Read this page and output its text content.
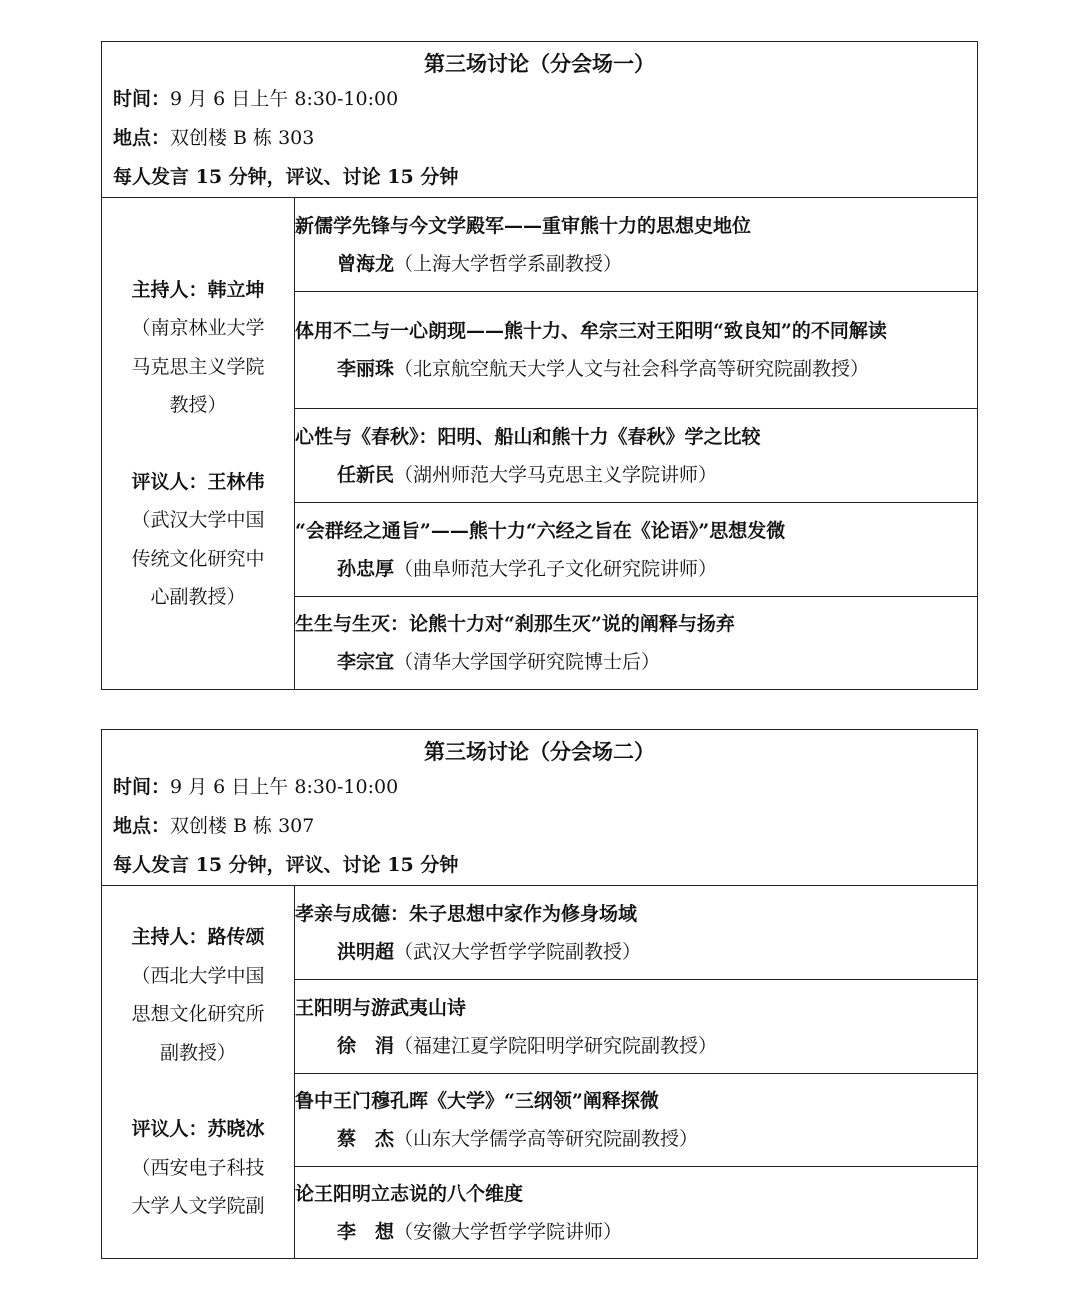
第三场讨论（分会场一）
时间：9 月 6 日上午 8:30-10:00
地点：双创楼 B 栋 303
每人发言 15 分钟，评议、讨论 15 分钟

主持人：韩立坤
（南京林业大学
马克思主义学院
教授）
评议人：王林伟
（武汉大学中国
传统文化研究中
心副教授）

新儒学先锋与今文学殿军——重审熊十力的思想史地位
曾海龙（上海大学哲学系副教授）

体用不二与一心朗现——熊十力、牟宗三对王阳明“致良知”的不同解读
李丽珠（北京航空航天大学人文与社会科学高等研究院副教授）

心性与《春秋》：阳明、船山和熊十力《春秋》学之比较
任新民（湖州师范大学马克思主义学院讲师）

“会群经之通旨”——熊十力“六经之旨在《论语》”思想发微
孙忠厚（曲阜师范大学孔子文化研究院讲师）

生生与生灭：论熊十力对“刹那生灭”说的阐释与扬弃
李宗宜（清华大学国学研究院博士后）
第三场讨论（分会场二）
时间：9 月 6 日上午 8:30-10:00
地点：双创楼 B 栋 307
每人发言 15 分钟，评议、讨论 15 分钟

主持人：路传颂
（西北大学中国
思想文化研究所
副教授）
评议人：苏晓冰
（西安电子科技
大学人文学院副

孝亲与成德：朱子思想中家作为修身场域
洪明超（武汉大学哲学学院副教授）

王阳明与游武夷山诗
徐　涓（福建江夏学院阳明学研究院副教授）

鲁中王门穆孔晖《大学》“三纲领”阐释探微
蔡　杰（山东大学儒学高等研究院副教授）

论王阳明立志说的八个维度
李　想（安徽大学哲学学院讲师）
